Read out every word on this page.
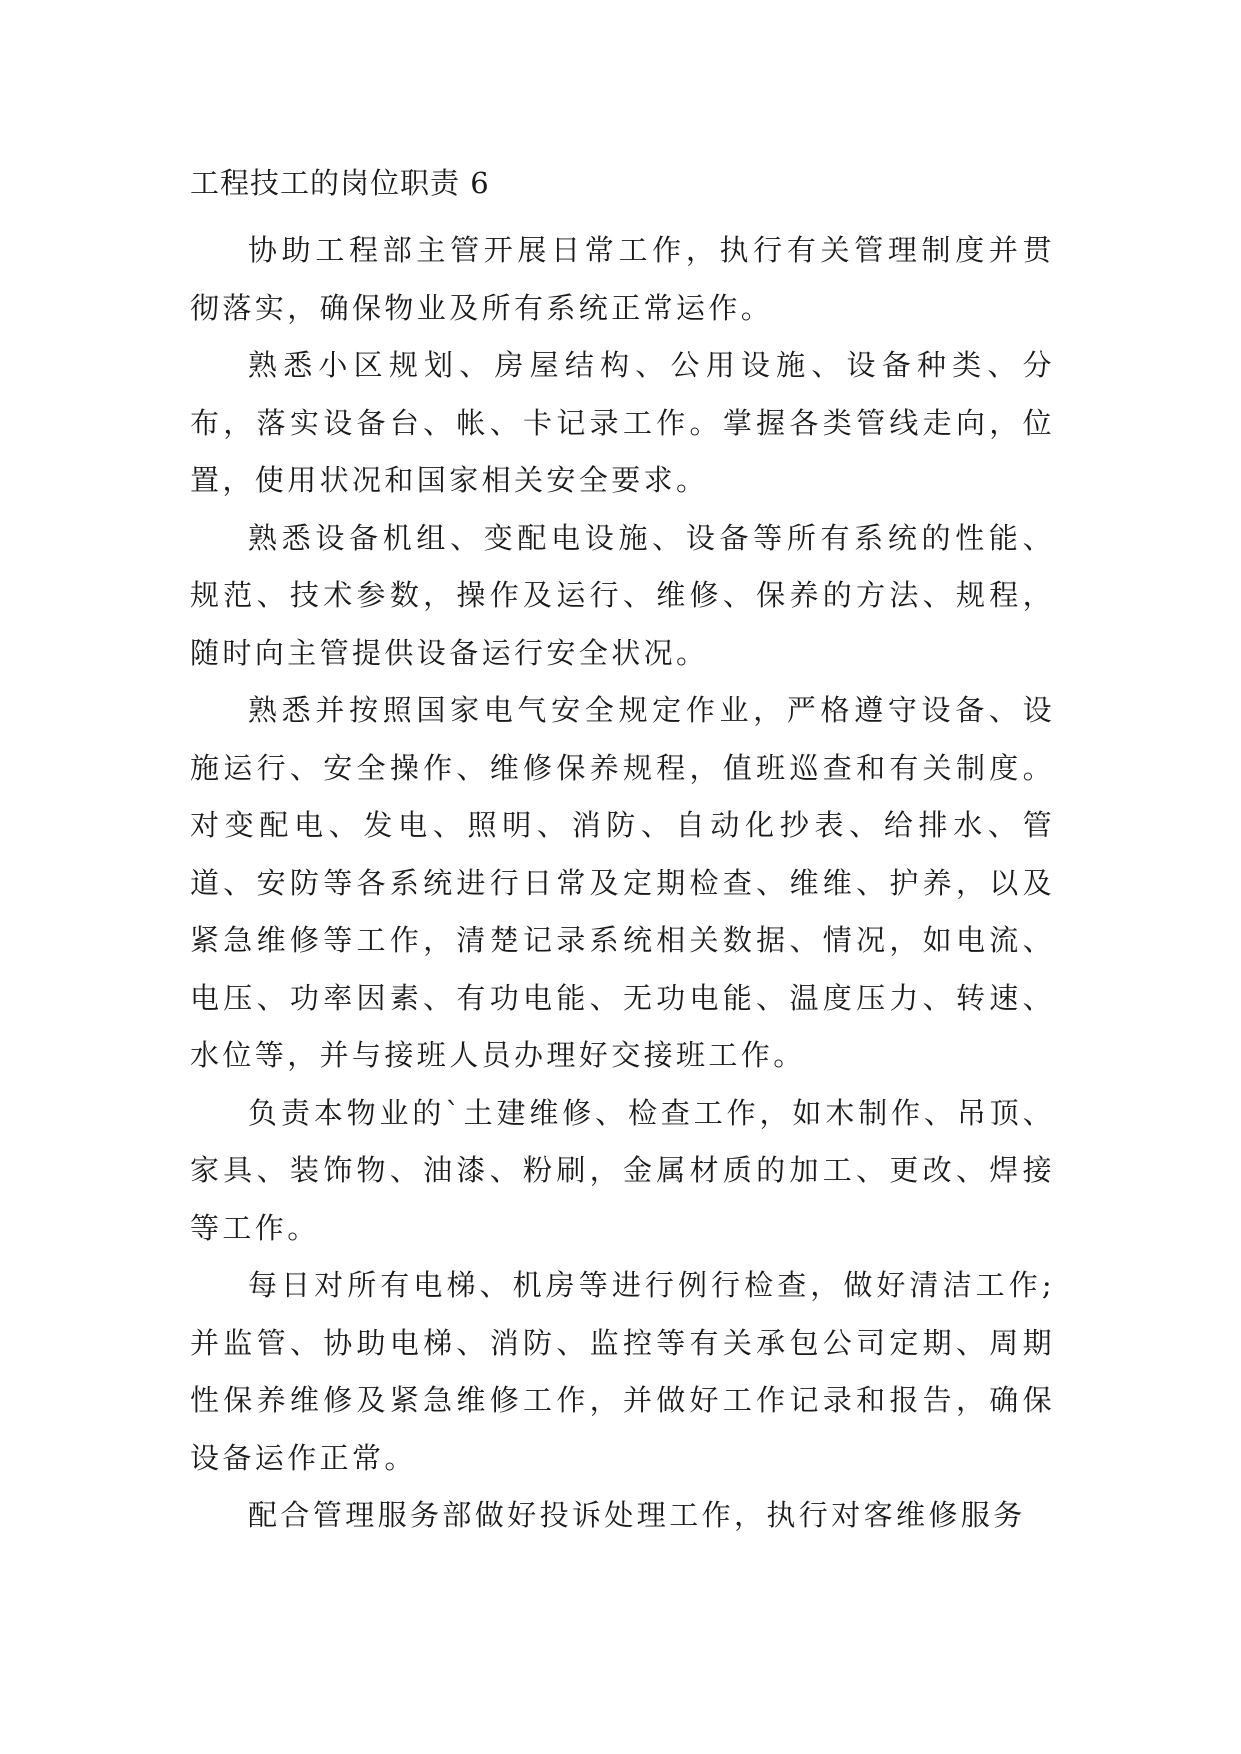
工程技工的岗位职责 6

协助工程部主管开展日常工作，执行有关管理制度并贯彻落实，确保物业及所有系统正常运作。

熟悉小区规划、房屋结构、公用设施、设备种类、分布，落实设备台、帐、卡记录工作。掌握各类管线走向，位置，使用状况和国家相关安全要求。

熟悉设备机组、变配电设施、设备等所有系统的性能、规范、技术参数，操作及运行、维修、保养的方法、规程，随时向主管提供设备运行安全状况。

熟悉并按照国家电气安全规定作业，严格遵守设备、设施运行、安全操作、维修保养规程，值班巡查和有关制度。对变配电、发电、照明、消防、自动化抄表、给排水、管道、安防等各系统进行日常及定期检查、维维、护养，以及紧急维修等工作，清楚记录系统相关数据、情况，如电流、电压、功率因素、有功电能、无功电能、温度压力、转速、水位等，并与接班人员办理好交接班工作。

负责本物业的`土建维修、检查工作，如木制作、吊顶、家具、装饰物、油漆、粉刷，金属材质的加工、更改、焊接等工作。

每日对所有电梯、机房等进行例行检查，做好清洁工作;并监管、协助电梯、消防、监控等有关承包公司定期、周期性保养维修及紧急维修工作，并做好工作记录和报告，确保设备运作正常。

配合管理服务部做好投诉处理工作，执行对客维修服务
